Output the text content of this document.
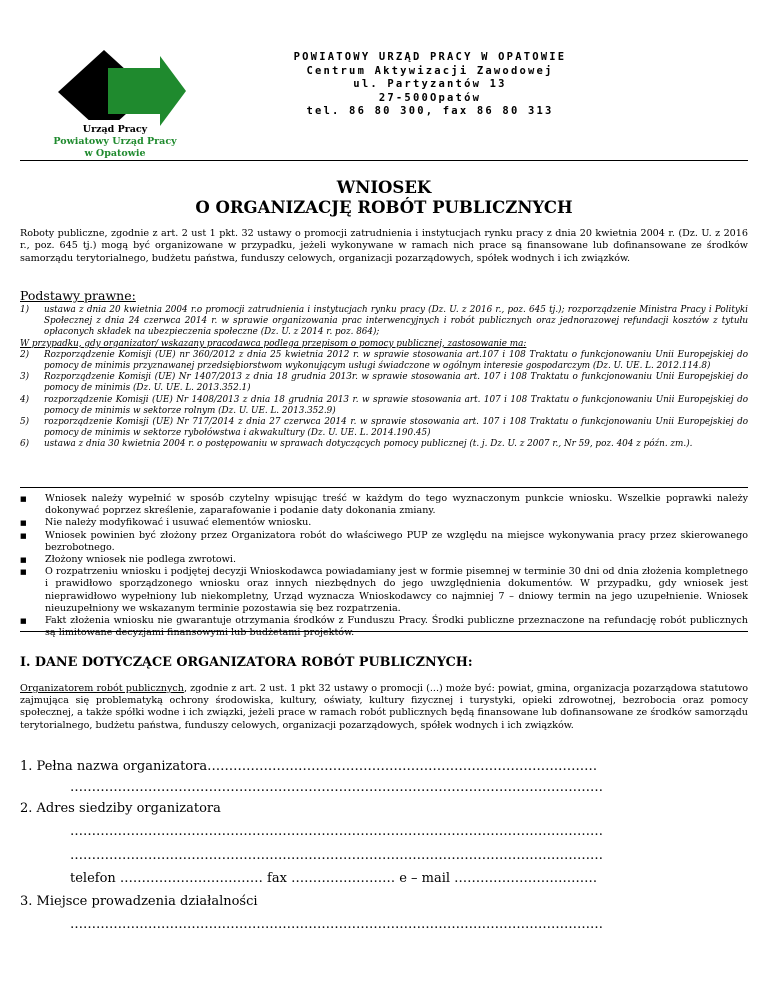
Urząd Pracy
Powiatowy Urząd Pracy
w Opatowie
POWIATOWY URZĄD PRACY W OPATOWIE
Centrum Aktywizacji Zawodowej
ul. Partyzantów 13
27-500Opatów
tel. 86 80 300, fax 86 80 313
WNIOSEK
O ORGANIZACJĘ ROBÓT PUBLICZNYCH
Roboty publiczne, zgodnie z art. 2 ust 1 pkt. 32 ustawy o promocji zatrudnienia i instytucjach rynku pracy z dnia 20 kwietnia 2004 r. (Dz. U. z 2016 r., poz. 645 tj.) mogą być organizowane w przypadku, jeżeli wykonywane w ramach nich prace są finansowane lub dofinansowane ze środków samorządu terytorialnego, budżetu państwa, funduszy celowych, organizacji pozarządowych, spółek wodnych i ich związków.
Podstawy prawne:
1)	ustawa z dnia 20 kwietnia 2004 r.o promocji zatrudnienia i instytucjach rynku pracy (Dz. U. z 2016 r., poz. 645 tj.); rozporządzenie Ministra Pracy i Polityki Społecznej z dnia 24 czerwca 2014 r. w sprawie organizowania prac interwencyjnych i robót publicznych oraz jednorazowej refundacji kosztów z tytułu opłaconych składek na ubezpieczenia społeczne (Dz. U. z 2014 r. poz. 864);
W przypadku, gdy organizator/ wskazany pracodawca podlega przepisom o pomocy publicznej, zastosowanie ma:
2)	Rozporządzenie Komisji (UE) nr 360/2012 z dnia 25 kwietnia 2012 r. w sprawie stosowania art.107 i 108 Traktatu o funkcjonowaniu Unii Europejskiej do pomocy de minimis przyznawanej przedsiębiorstwom wykonującym usługi świadczone w ogólnym interesie gospodarczym (Dz. U. UE. L. 2012.114.8)
3)	Rozporządzenie Komisji (UE) Nr 1407/2013 z dnia 18 grudnia 2013r. w sprawie stosowania art. 107 i 108 Traktatu o funkcjonowaniu Unii Europejskiej do pomocy de minimis (Dz. U. UE. L. 2013.352.1)
4)	rozporządzenie Komisji (UE) Nr 1408/2013 z dnia 18 grudnia 2013 r. w sprawie stosowania art. 107 i 108 Traktatu o funkcjonowaniu Unii Europejskiej do pomocy de minimis w sektorze rolnym (Dz. U. UE. L. 2013.352.9)
5)	rozporządzenie Komisji (UE) Nr 717/2014 z dnia 27 czerwca 2014 r. w sprawie stosowania art. 107 i 108 Traktatu o funkcjonowaniu Unii Europejskiej do pomocy de minimis w sektorze rybołówstwa i akwakultury (Dz. U. UE. L. 2014.190.45)
6)	ustawa z dnia 30 kwietnia 2004 r. o postępowaniu w sprawach dotyczących pomocy publicznej (t. j. Dz. U. z 2007 r., Nr 59, poz. 404 z późn. zm.).
■	Wniosek należy wypełnić w sposób czytelny wpisując treść w każdym do tego wyznaczonym punkcie wniosku. Wszelkie poprawki należy dokonywać poprzez skreślenie, zaparafowanie i podanie daty dokonania zmiany.
■	Nie należy modyfikować i usuwać elementów wniosku.
■	Wniosek powinien być złożony przez Organizatora robót do właściwego PUP ze względu na miejsce wykonywania pracy przez skierowanego bezrobotnego.
■	Złożony wniosek nie podlega zwrotowi.
■	O rozpatrzeniu wniosku i podjętej decyzji Wnioskodawca powiadamiany jest w formie pisemnej w terminie 30 dni od dnia złożenia kompletnego i prawidłowo sporządzonego wniosku oraz innych niezbędnych do jego uwzględnienia dokumentów. W przypadku, gdy wniosek jest nieprawidłowo wypełniony lub niekompletny, Urząd wyznacza Wnioskodawcy co najmniej 7 – dniowy termin na jego uzupełnienie. Wniosek nieuzupełniony we wskazanym terminie pozostawia się bez rozpatrzenia.
■	Fakt złożenia wniosku nie gwarantuje otrzymania środków z Funduszu Pracy. Środki publiczne przeznaczone na refundację robót publicznych są limitowane decyzjami finansowymi lub budżetami projektów.
I. DANE DOTYCZĄCE ORGANIZATORA ROBÓT PUBLICZNYCH:
Organizatorem robót publicznych, zgodnie z art. 2 ust. 1 pkt 32 ustawy o promocji (...) może być: powiat, gmina, organizacja pozarządowa statutowo zajmująca się problematyką ochrony środowiska, kultury, oświaty, kultury fizycznej i turystyki, opieki zdrowotnej, bezrobocia oraz pomocy społecznej, a także spółki wodne i ich związki, jeżeli prace w ramach robót publicznych będą finansowane lub dofinansowane ze środków samorządu terytorialnego, budżetu państwa, funduszy celowych, organizacji pozarządowych, spółek wodnych i ich związków.
1. Pełna nazwa organizatora………………………………………………………………………………
……………………………………………………………………………………………………………
2. Adres siedziby organizatora
……………………………………………………………………………………………………………
……………………………………………………………………………………………………………
telefon …………………………… fax …………………… e – mail ……………………………
3. Miejsce prowadzenia działalności
……………………………………………………………………………………………………………
